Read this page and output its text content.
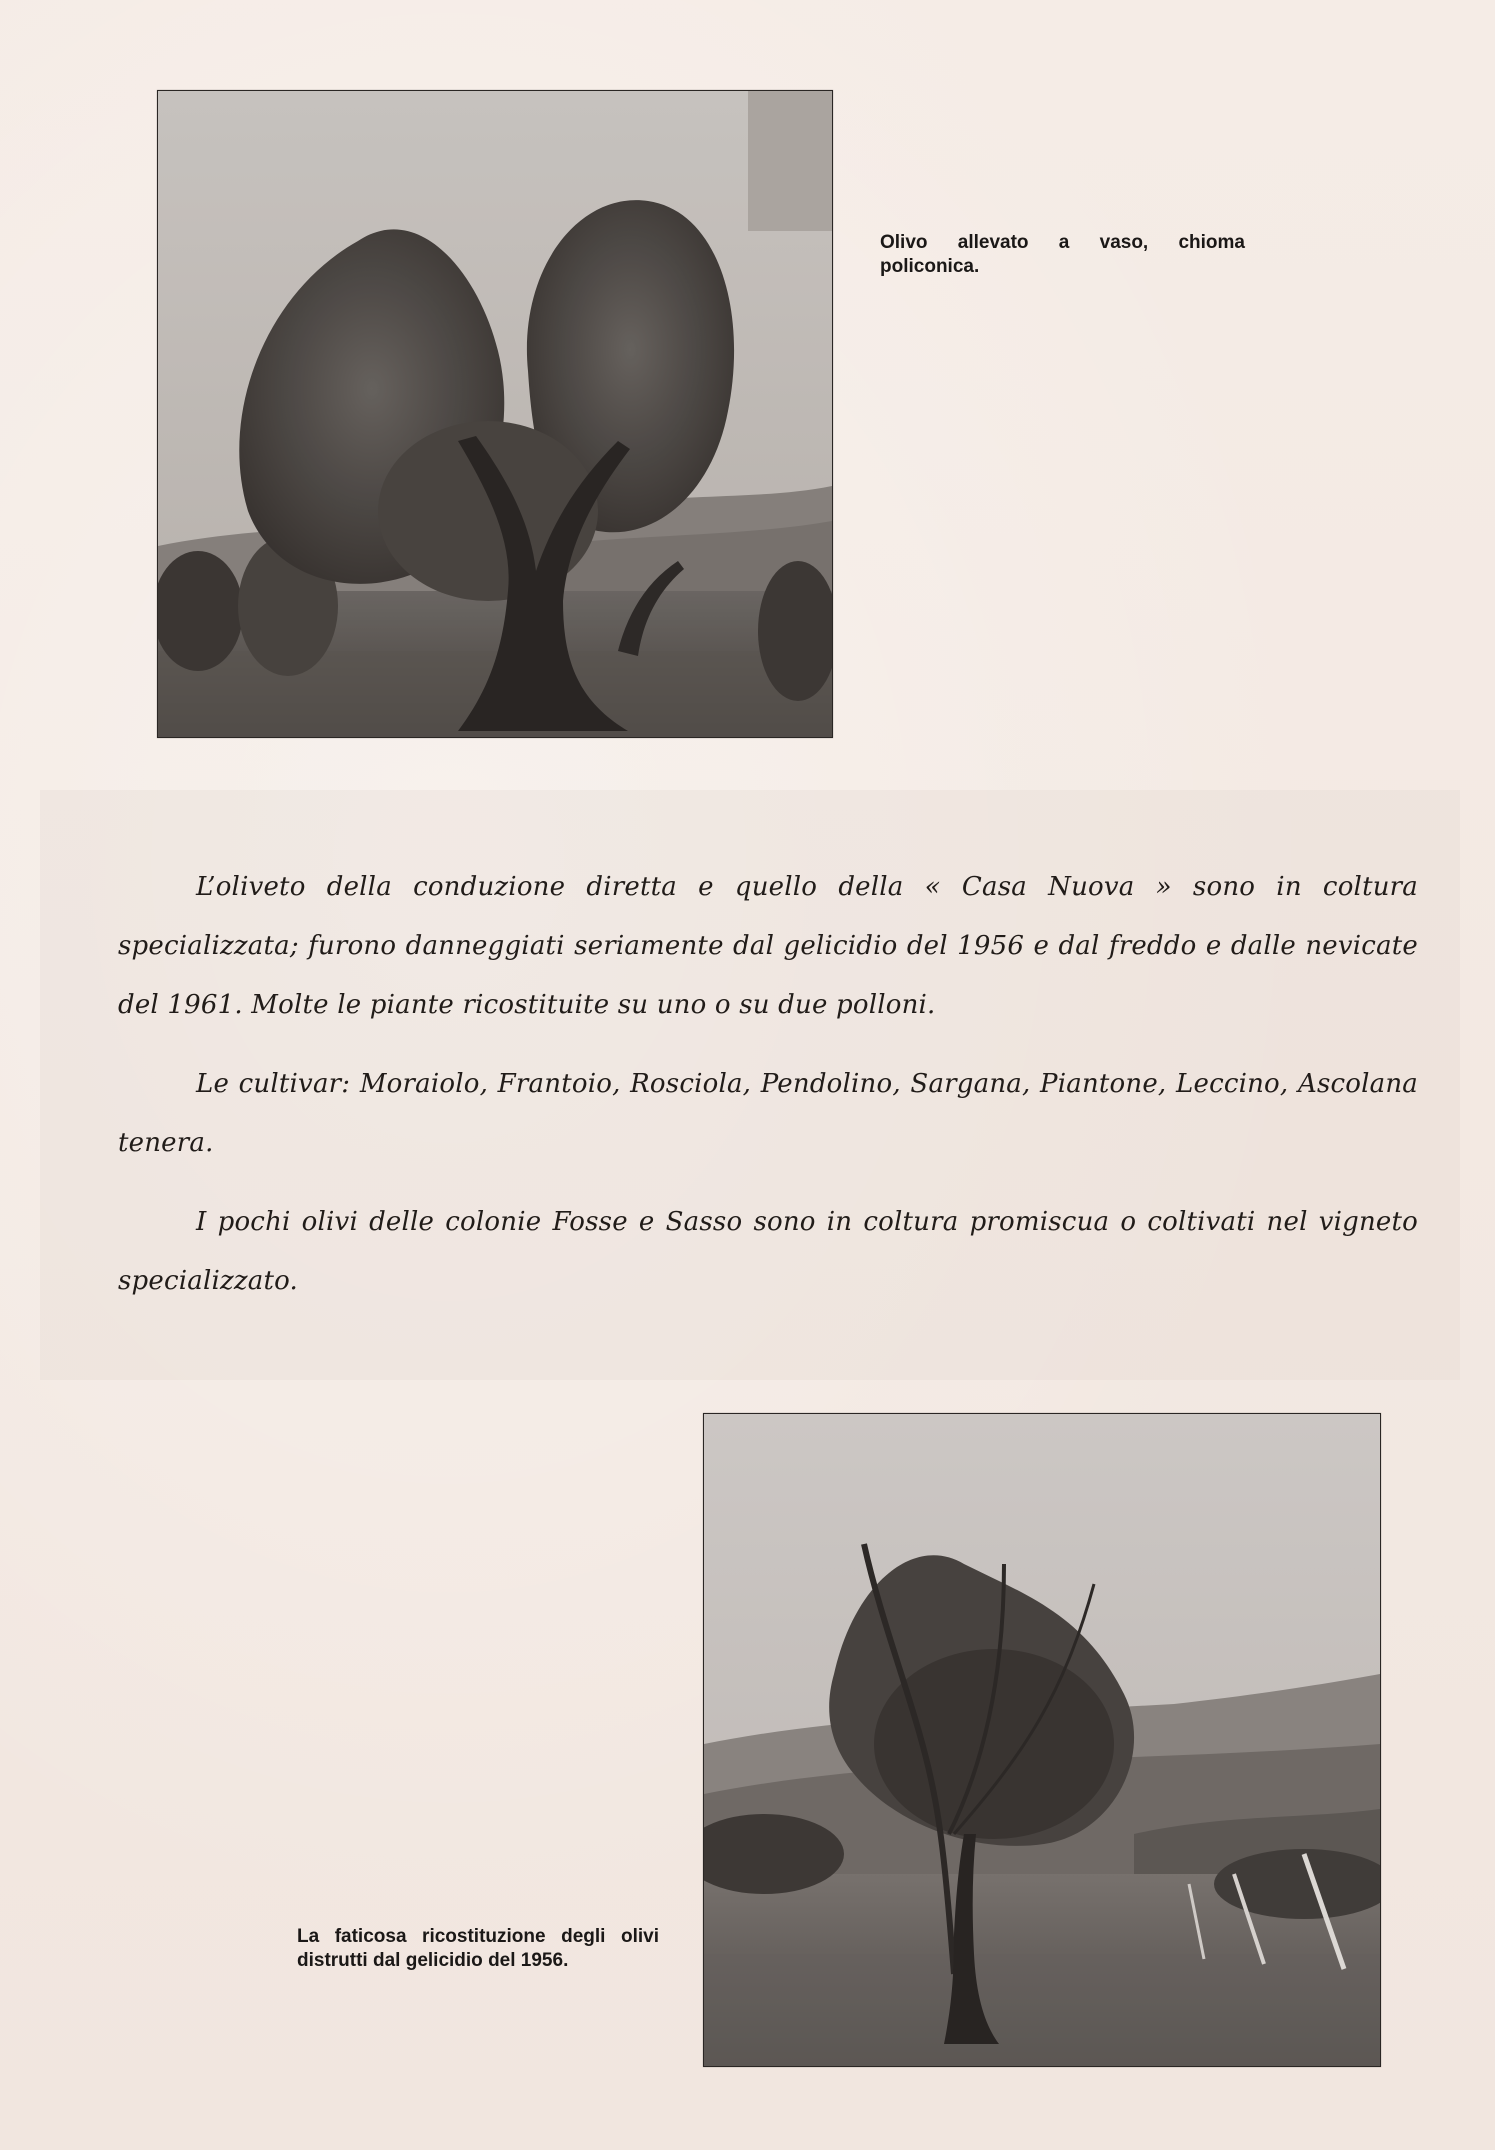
Olivo allevato a vaso, chioma policonica.

L’oliveto della conduzione diretta e quello della « Casa Nuova » sono in coltura specializzata; furono danneggiati seriamente dal gelicidio del 1956 e dal freddo e dalle nevicate del 1961. Molte le piante ricostituite su uno o su due polloni.

Le cultivar: Moraiolo, Frantoio, Rosciola, Pendolino, Sargana, Piantone, Leccino, Ascolana tenera.

I pochi olivi delle colonie Fosse e Sasso sono in coltura promiscua o coltivati nel vigneto specializzato.

La faticosa ricostituzione degli olivi distrutti dal gelicidio del 1956.
